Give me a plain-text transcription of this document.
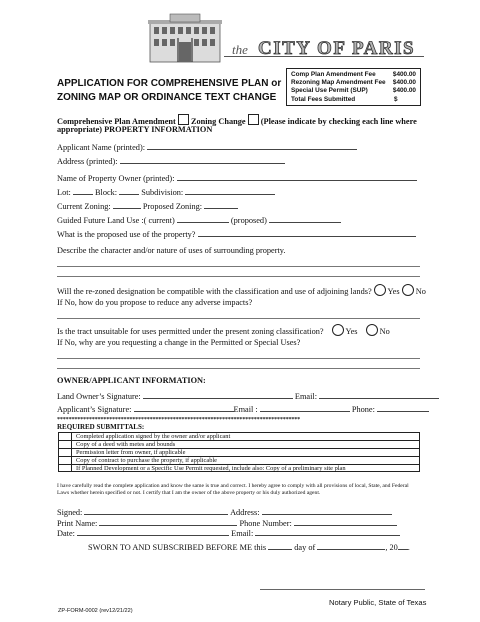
the CITY OF PARIS
APPLICATION FOR COMPREHENSIVE PLAN or
ZONING MAP OR ORDINANCE TEXT CHANGE
Comp Plan Amendment Fee	$400.00
Rezoning Map Amendment Fee $400.00
Special Use Permit (SUP)	$400.00
Total Fees Submitted	$
Comprehensive Plan Amendment Zoning Change (Please indicate by checking each line where
appropriate) PROPERTY INFORMATION
Applicant Name (printed):
Address (printed):
Name of Property Owner (printed):
Lot:	Block:	Subdivision:
Current Zoning:	Proposed Zoning:
Guided Future Land Use :( current)	(proposed)
What is the proposed use of the property?
Describe the character and/or nature of uses of surrounding property.
Will the re-zoned designation be compatible with the classification and use of adjoining lands? Yes No
If No, how do you propose to reduce any adverse impacts?
Is the tract unsuitable for uses permitted under the present zoning classification?	Yes	No
If No, why are you requesting a change in the Permitted or Special Uses?
OWNER/APPLICANT INFORMATION:
Land Owner’s Signature:	Email:
Applicant’s Signature:	Email :	Phone:
************************************************************************************
REQUIRED SUBMITTALS:
Completed application signed by the owner and/or applicant
Copy of a deed with metes and bounds
Permission letter from owner, if applicable
Copy of contract to purchase the property, if applicable
If Planned Development or a Specific Use Permit requested, include also: Copy of a preliminary site plan
I have carefully read the complete application and know the same is true and correct. I hereby agree to comply with all provisions of local, State, and Federal Laws whether herein specified or not. I certify that I am the owner of the above property or his duly authorized agent.
Signed:	Address:
Print Name:	Phone Number:
Date:	Email:
SWORN TO AND SUBSCRIBED BEFORE ME this	day of	, 20 .
Notary Public, State of Texas
ZP-FORM-0002 (rev12/21/22)
